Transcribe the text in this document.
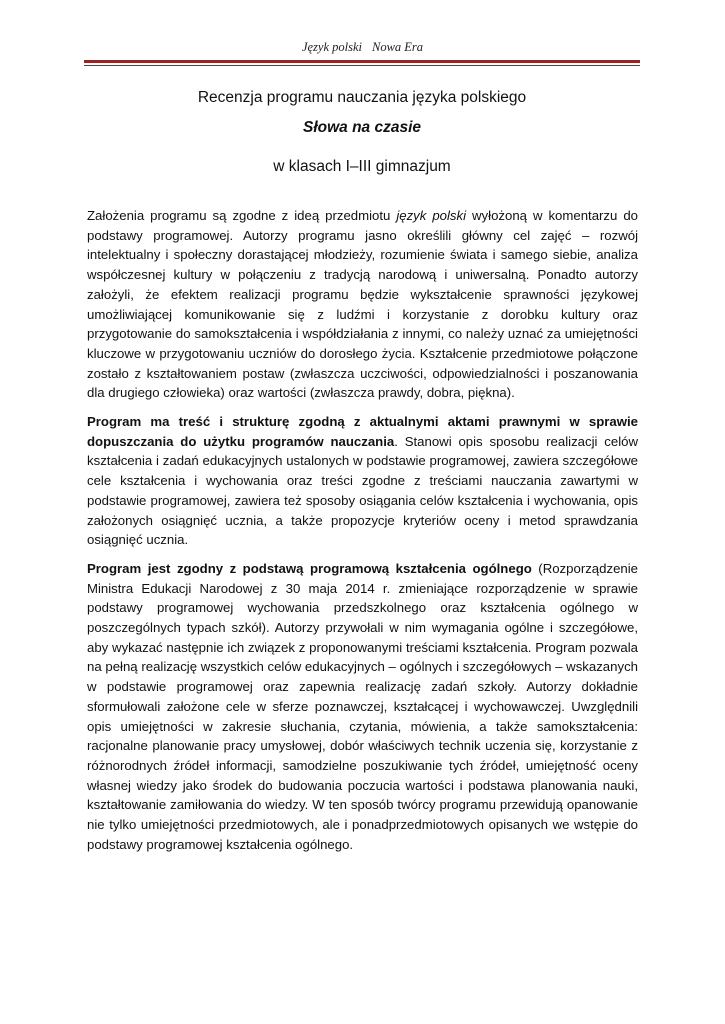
Język polski Nowa Era

Recenzja programu nauczania języka polskiego

Słowa na czasie

w klasach I–III gimnazjum

Założenia programu są zgodne z ideą przedmiotu język polski wyłożoną w komentarzu do podstawy programowej. Autorzy programu jasno określili główny cel zajęć – rozwój intelektualny i społeczny dorastającej młodzieży, rozumienie świata i samego siebie, analiza współczesnej kultury w połączeniu z tradycją narodową i uniwersalną. Ponadto autorzy założyli, że efektem realizacji programu będzie wykształcenie sprawności językowej umożliwiającej komunikowanie się z ludźmi i korzystanie z dorobku kultury oraz przygotowanie do samokształcenia i współdziałania z innymi, co należy uznać za umiejętności kluczowe w przygotowaniu uczniów do dorosłego życia. Kształcenie przedmiotowe połączone zostało z kształtowaniem postaw (zwłaszcza uczciwości, odpowiedzialności i poszanowania dla drugiego człowieka) oraz wartości (zwłaszcza prawdy, dobra, piękna).

Program ma treść i strukturę zgodną z aktualnymi aktami prawnymi w sprawie dopuszczania do użytku programów nauczania. Stanowi opis sposobu realizacji celów kształcenia i zadań edukacyjnych ustalonych w podstawie programowej, zawiera szczegółowe cele kształcenia i wychowania oraz treści zgodne z treściami nauczania zawartymi w podstawie programowej, zawiera też sposoby osiągania celów kształcenia i wychowania, opis założonych osiągnięć ucznia, a także propozycje kryteriów oceny i metod sprawdzania osiągnięć ucznia.

Program jest zgodny z podstawą programową kształcenia ogólnego (Rozporządzenie Ministra Edukacji Narodowej z 30 maja 2014 r. zmieniające rozporządzenie w sprawie podstawy programowej wychowania przedszkolnego oraz kształcenia ogólnego w poszczególnych typach szkół). Autorzy przywołali w nim wymagania ogólne i szczegółowe, aby wykazać następnie ich związek z proponowanymi treściami kształcenia. Program pozwala na pełną realizację wszystkich celów edukacyjnych – ogólnych i szczegółowych – wskazanych w podstawie programowej oraz zapewnia realizację zadań szkoły. Autorzy dokładnie sformułowali założone cele w sferze poznawczej, kształcącej i wychowawczej. Uwzględnili opis umiejętności w zakresie słuchania, czytania, mówienia, a także samokształcenia: racjonalne planowanie pracy umysłowej, dobór właściwych technik uczenia się, korzystanie z różnorodnych źródeł informacji, samodzielne poszukiwanie tych źródeł, umiejętność oceny własnej wiedzy jako środek do budowania poczucia wartości i podstawa planowania nauki, kształtowanie zamiłowania do wiedzy. W ten sposób twórcy programu przewidują opanowanie nie tylko umiejętności przedmiotowych, ale i ponadprzedmiotowych opisanych we wstępie do podstawy programowej kształcenia ogólnego.
